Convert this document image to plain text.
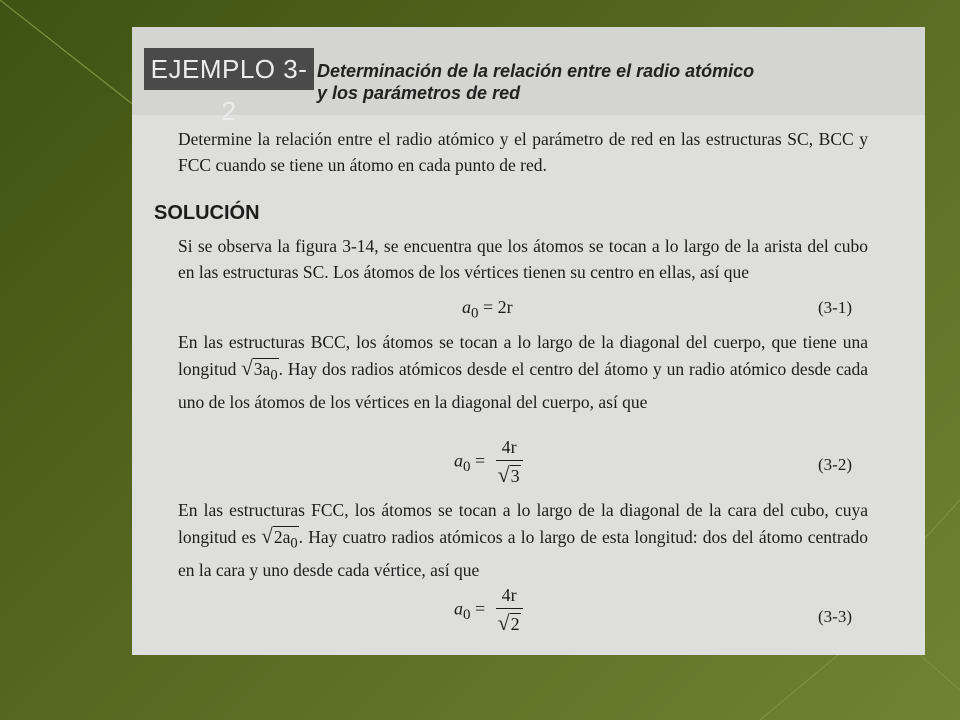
EJEMPLO 3-2
Determinación de la relación entre el radio atómico
y los parámetros de red

Determine la relación entre el radio atómico y el parámetro de red en las estructuras SC, BCC y FCC cuando se tiene un átomo en cada punto de red.

SOLUCIÓN

Si se observa la figura 3-14, se encuentra que los átomos se tocan a lo largo de la arista del cubo en las estructuras SC. Los átomos de los vértices tienen su centro en ellas, así que

$a_0 = 2r$	(3-1)

En las estructuras BCC, los átomos se tocan a lo largo de la diagonal del cuerpo, que tiene una longitud $√3a_0$. Hay dos radios atómicos desde el centro del átomo y un radio atómico desde cada uno de los átomos de los vértices en la diagonal del cuerpo, así que

$a_0 = \frac{4r}{√3}$	(3-2)

En las estructuras FCC, los átomos se tocan a lo largo de la diagonal de la cara del cubo, cuya longitud es $√2a_0$. Hay cuatro radios atómicos a lo largo de esta longitud: dos del átomo centrado en la cara y uno desde cada vértice, así que

$a_0 = \frac{4r}{√2}$	(3-3)
